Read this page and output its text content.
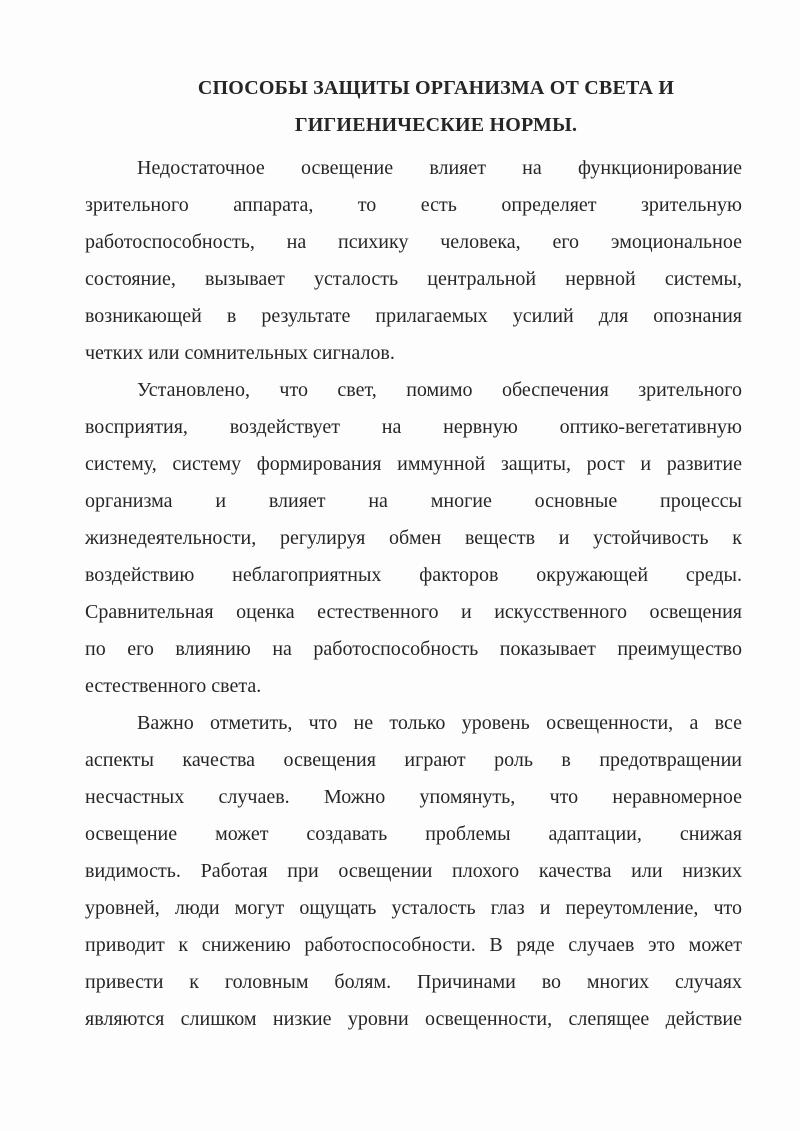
СПОСОБЫ ЗАЩИТЫ ОРГАНИЗМА ОТ СВЕТА И
ГИГИЕНИЧЕСКИЕ НОРМЫ.
Недостаточное освещение влияет на функционирование
зрительного аппарата, то есть определяет зрительную
работоспособность, на психику человека, его эмоциональное
состояние, вызывает усталость центральной нервной системы,
возникающей в результате прилагаемых усилий для опознания
четких или сомнительных сигналов.
Установлено, что свет, помимо обеспечения зрительного
восприятия, воздействует на нервную оптико-вегетативную
систему, систему формирования иммунной защиты, рост и развитие
организма и влияет на многие основные процессы
жизнедеятельности, регулируя обмен веществ и устойчивость к
воздействию неблагоприятных факторов окружающей среды.
Сравнительная оценка естественного и искусственного освещения
по его влиянию на работоспособность показывает преимущество
естественного света.
Важно отметить, что не только уровень освещенности, а все
аспекты качества освещения играют роль в предотвращении
несчастных случаев. Можно упомянуть, что неравномерное
освещение может создавать проблемы адаптации, снижая
видимость. Работая при освещении плохого качества или низких
уровней, люди могут ощущать усталость глаз и переутомление, что
приводит к снижению работоспособности. В ряде случаев это может
привести к головным болям. Причинами во многих случаях
являются слишком низкие уровни освещенности, слепящее действие
